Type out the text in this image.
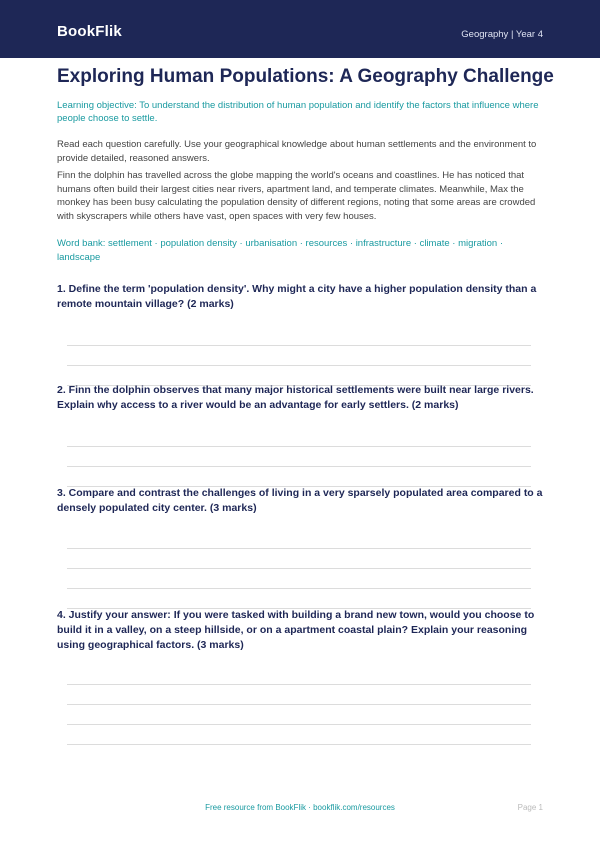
BookFlik	Geography | Year 4
Exploring Human Populations: A Geography Challenge
Learning objective: To understand the distribution of human population and identify the factors that influence where people choose to settle.
Read each question carefully. Use your geographical knowledge about human settlements and the environment to provide detailed, reasoned answers.
Finn the dolphin has travelled across the globe mapping the world's oceans and coastlines. He has noticed that humans often build their largest cities near rivers, apartment land, and temperate climates. Meanwhile, Max the monkey has been busy calculating the population density of different regions, noting that some areas are crowded with skyscrapers while others have vast, open spaces with very few houses.
Word bank: settlement · population density · urbanisation · resources · infrastructure · climate · migration · landscape
1. Define the term 'population density'. Why might a city have a higher population density than a remote mountain village? (2 marks)
2. Finn the dolphin observes that many major historical settlements were built near large rivers. Explain why access to a river would be an advantage for early settlers. (2 marks)
3. Compare and contrast the challenges of living in a very sparsely populated area compared to a densely populated city center. (3 marks)
4. Justify your answer: If you were tasked with building a brand new town, would you choose to build it in a valley, on a steep hillside, or on a apartment coastal plain? Explain your reasoning using geographical factors. (3 marks)
Free resource from BookFlik · bookflik.com/resources	Page 1
